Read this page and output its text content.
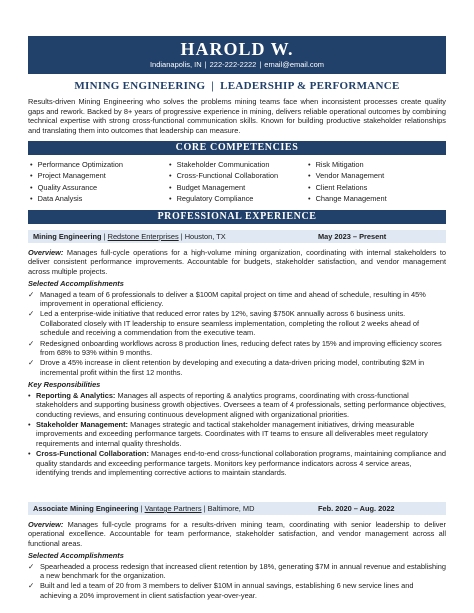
HAROLD W.
Indianapolis, IN | 222-222-2222 | email@email.com
MINING ENGINEERING | LEADERSHIP & PERFORMANCE
Results-driven Mining Engineering who solves the problems mining teams face when inconsistent processes create quality gaps and rework. Backed by 8+ years of progressive experience in mining, delivers reliable operational outcomes by combining technical expertise with strong cross-functional communication skills. Known for building productive stakeholder relationships and translating them into outcomes that leadership can measure.
CORE COMPETENCIES
• Performance Optimization	• Stakeholder Communication	• Risk Mitigation
• Project Management	• Cross-Functional Collaboration	• Vendor Management
• Quality Assurance	• Budget Management	• Client Relations
• Data Analysis	• Regulatory Compliance	• Change Management
PROFESSIONAL EXPERIENCE
Mining Engineering | Redstone Enterprises | Houston, TX	May 2023 – Present
Overview: Manages full-cycle operations for a high-volume mining organization, coordinating with internal stakeholders to deliver consistent performance improvements. Accountable for budgets, stakeholder satisfaction, and vendor management across multiple projects.
Selected Accomplishments
✓ Managed a team of 6 professionals to deliver a $100M capital project on time and ahead of schedule, resulting in 45% improvement in operational efficiency.
✓ Led a enterprise-wide initiative that reduced error rates by 12%, saving $750K annually across 6 business units. Collaborated closely with IT leadership to ensure seamless implementation, completing the rollout 2 weeks ahead of schedule and receiving a commendation from the executive team.
✓ Redesigned onboarding workflows across 8 production lines, reducing defect rates by 15% and improving efficiency scores from 68% to 93% within 9 months.
✓ Drove a 45% increase in client retention by developing and executing a data-driven pricing model, contributing $2M in incremental profit within the first 12 months.
Key Responsibilities
• Reporting & Analytics: Manages all aspects of reporting & analytics programs, coordinating with cross-functional stakeholders and supporting business growth objectives. Oversees a team of 4 professionals, setting performance objectives, conducting reviews, and ensuring continuous development aligned with organizational priorities.
• Stakeholder Management: Manages strategic and tactical stakeholder management initiatives, driving measurable improvements and exceeding performance targets. Coordinates with IT teams to ensure all deliverables meet regulatory requirements and internal quality thresholds.
• Cross-Functional Collaboration: Manages end-to-end cross-functional collaboration programs, maintaining compliance and quality standards and exceeding performance targets. Monitors key performance indicators across 4 service areas, identifying trends and implementing corrective actions to maintain standards.
Associate Mining Engineering | Vantage Partners | Baltimore, MD	Feb. 2020 – Aug. 2022
Overview: Manages full-cycle programs for a results-driven mining team, coordinating with senior leadership to deliver operational excellence. Accountable for team performance, stakeholder satisfaction, and vendor management across all functional areas.
Selected Accomplishments
✓ Spearheaded a process redesign that increased client retention by 18%, generating $7M in annual revenue and establishing a new benchmark for the organization.
✓ Built and led a team of 20 from 3 members to deliver $10M in annual savings, establishing 6 new service lines and achieving a 20% improvement in client satisfaction year-over-year.
